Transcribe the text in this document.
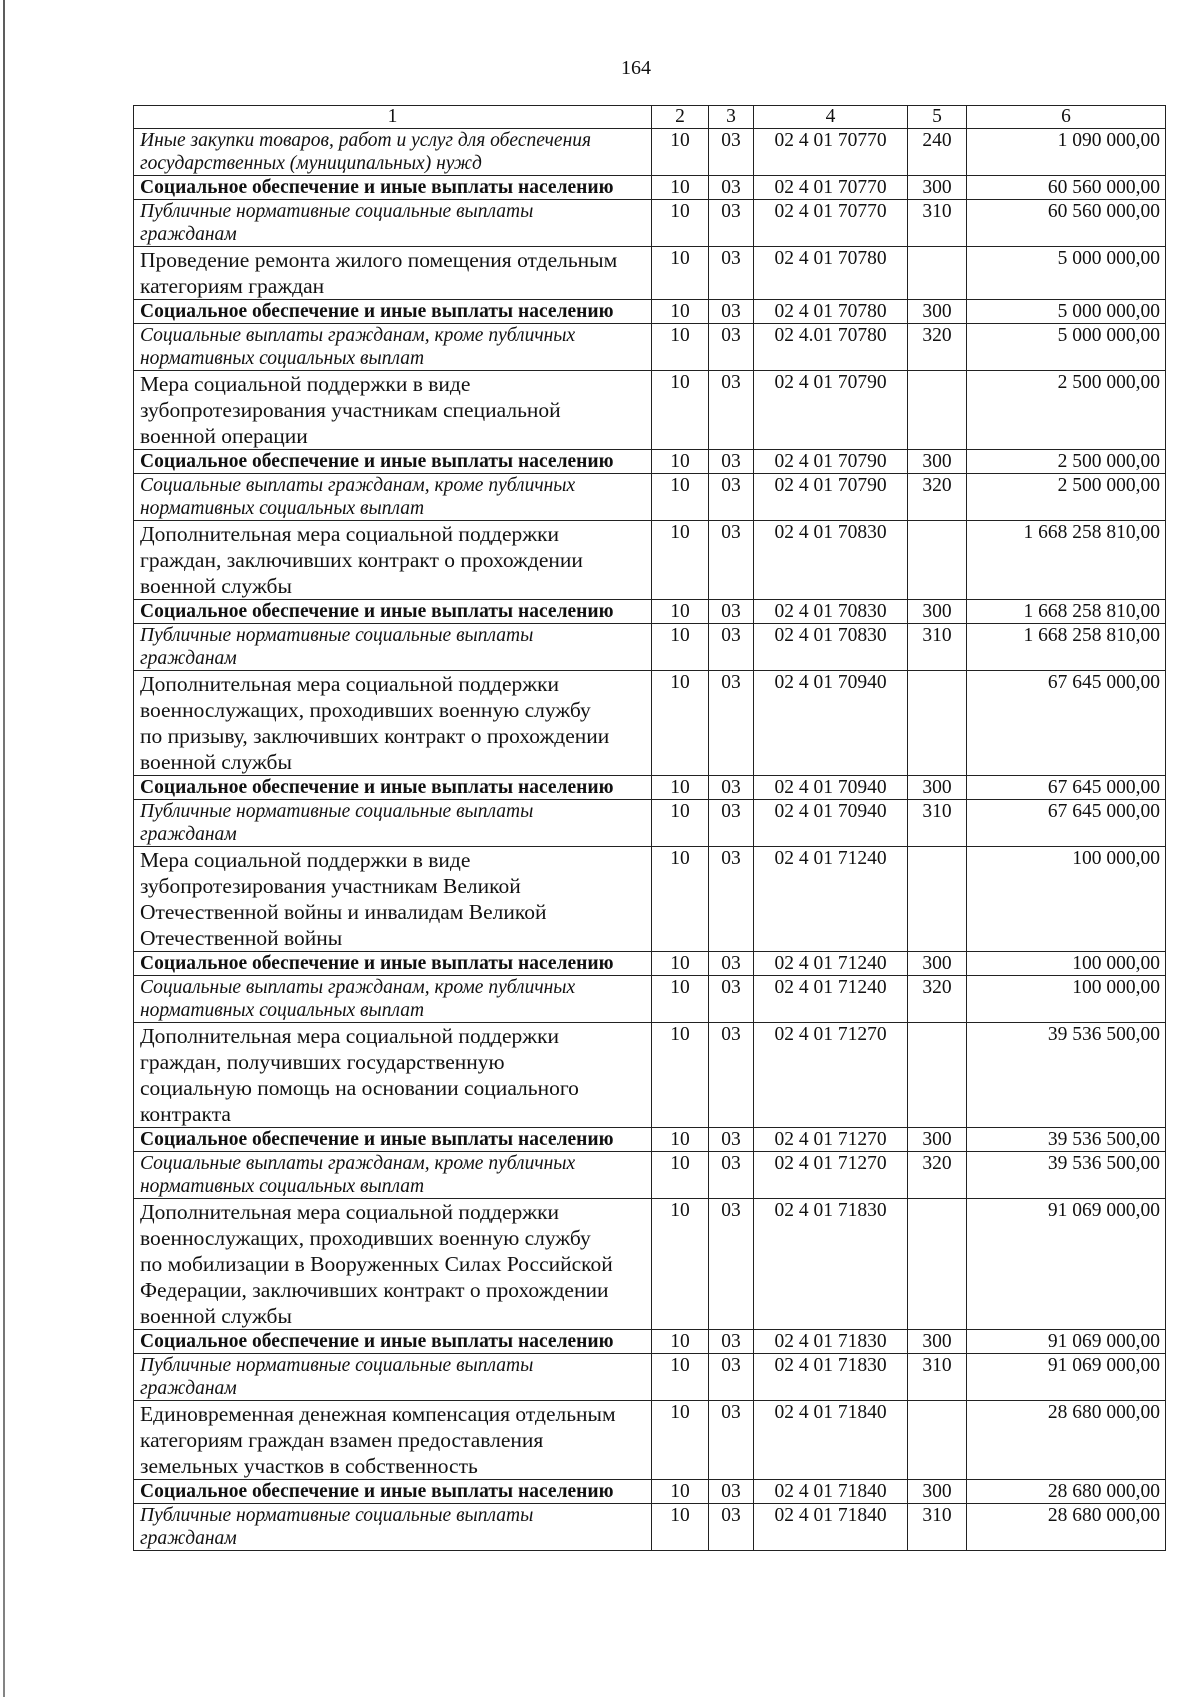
164
1	2	3	4	5	6

Иные закупки товаров, работ и услуг для обеспечения
государственных (муниципальных) нужд	10	03	02 4 01 70770	240	1 090 000,00

Социальное обеспечение и иные выплаты населению	10	03	02 4 01 70770	300	60 560 000,00

Публичные нормативные социальные выплаты
гражданам	10	03	02 4 01 70770	310	60 560 000,00

Проведение ремонта жилого помещения отдельным
категориям граждан	10	03	02 4 01 70780		5 000 000,00

Социальное обеспечение и иные выплаты населению	10	03	02 4 01 70780	300	5 000 000,00

Социальные выплаты гражданам, кроме публичных
нормативных социальных выплат	10	03	02 4.01 70780	320	5 000 000,00

Мера социальной поддержки в виде
зубопротезирования участникам специальной
военной операции	10	03	02 4 01 70790		2 500 000,00

Социальное обеспечение и иные выплаты населению	10	03	02 4 01 70790	300	2 500 000,00

Социальные выплаты гражданам, кроме публичных
нормативных социальных выплат	10	03	02 4 01 70790	320	2 500 000,00

Дополнительная мера социальной поддержки
граждан, заключивших контракт о прохождении
военной службы	10	03	02 4 01 70830		1 668 258 810,00

Социальное обеспечение и иные выплаты населению	10	03	02 4 01 70830	300	1 668 258 810,00

Публичные нормативные социальные выплаты
гражданам	10	03	02 4 01 70830	310	1 668 258 810,00

Дополнительная мера социальной поддержки
военнослужащих, проходивших военную службу
по призыву, заключивших контракт о прохождении
военной службы	10	03	02 4 01 70940		67 645 000,00

Социальное обеспечение и иные выплаты населению	10	03	02 4 01 70940	300	67 645 000,00

Публичные нормативные социальные выплаты
гражданам	10	03	02 4 01 70940	310	67 645 000,00

Мера социальной поддержки в виде
зубопротезирования участникам Великой
Отечественной войны и инвалидам Великой
Отечественной войны	10	03	02 4 01 71240		100 000,00

Социальное обеспечение и иные выплаты населению	10	03	02 4 01 71240	300	100 000,00

Социальные выплаты гражданам, кроме публичных
нормативных социальных выплат	10	03	02 4 01 71240	320	100 000,00

Дополнительная мера социальной поддержки
граждан, получивших государственную
социальную помощь на основании социального
контракта	10	03	02 4 01 71270		39 536 500,00

Социальное обеспечение и иные выплаты населению	10	03	02 4 01 71270	300	39 536 500,00

Социальные выплаты гражданам, кроме публичных
нормативных социальных выплат	10	03	02 4 01 71270	320	39 536 500,00

Дополнительная мера социальной поддержки
военнослужащих, проходивших военную службу
по мобилизации в Вооруженных Силах Российской
Федерации, заключивших контракт о прохождении
военной службы	10	03	02 4 01 71830		91 069 000,00

Социальное обеспечение и иные выплаты населению	10	03	02 4 01 71830	300	91 069 000,00

Публичные нормативные социальные выплаты
гражданам	10	03	02 4 01 71830	310	91 069 000,00

Единовременная денежная компенсация отдельным
категориям граждан взамен предоставления
земельных участков в собственность	10	03	02 4 01 71840		28 680 000,00

Социальное обеспечение и иные выплаты населению	10	03	02 4 01 71840	300	28 680 000,00

Публичные нормативные социальные выплаты
гражданам	10	03	02 4 01 71840	310	28 680 000,00
